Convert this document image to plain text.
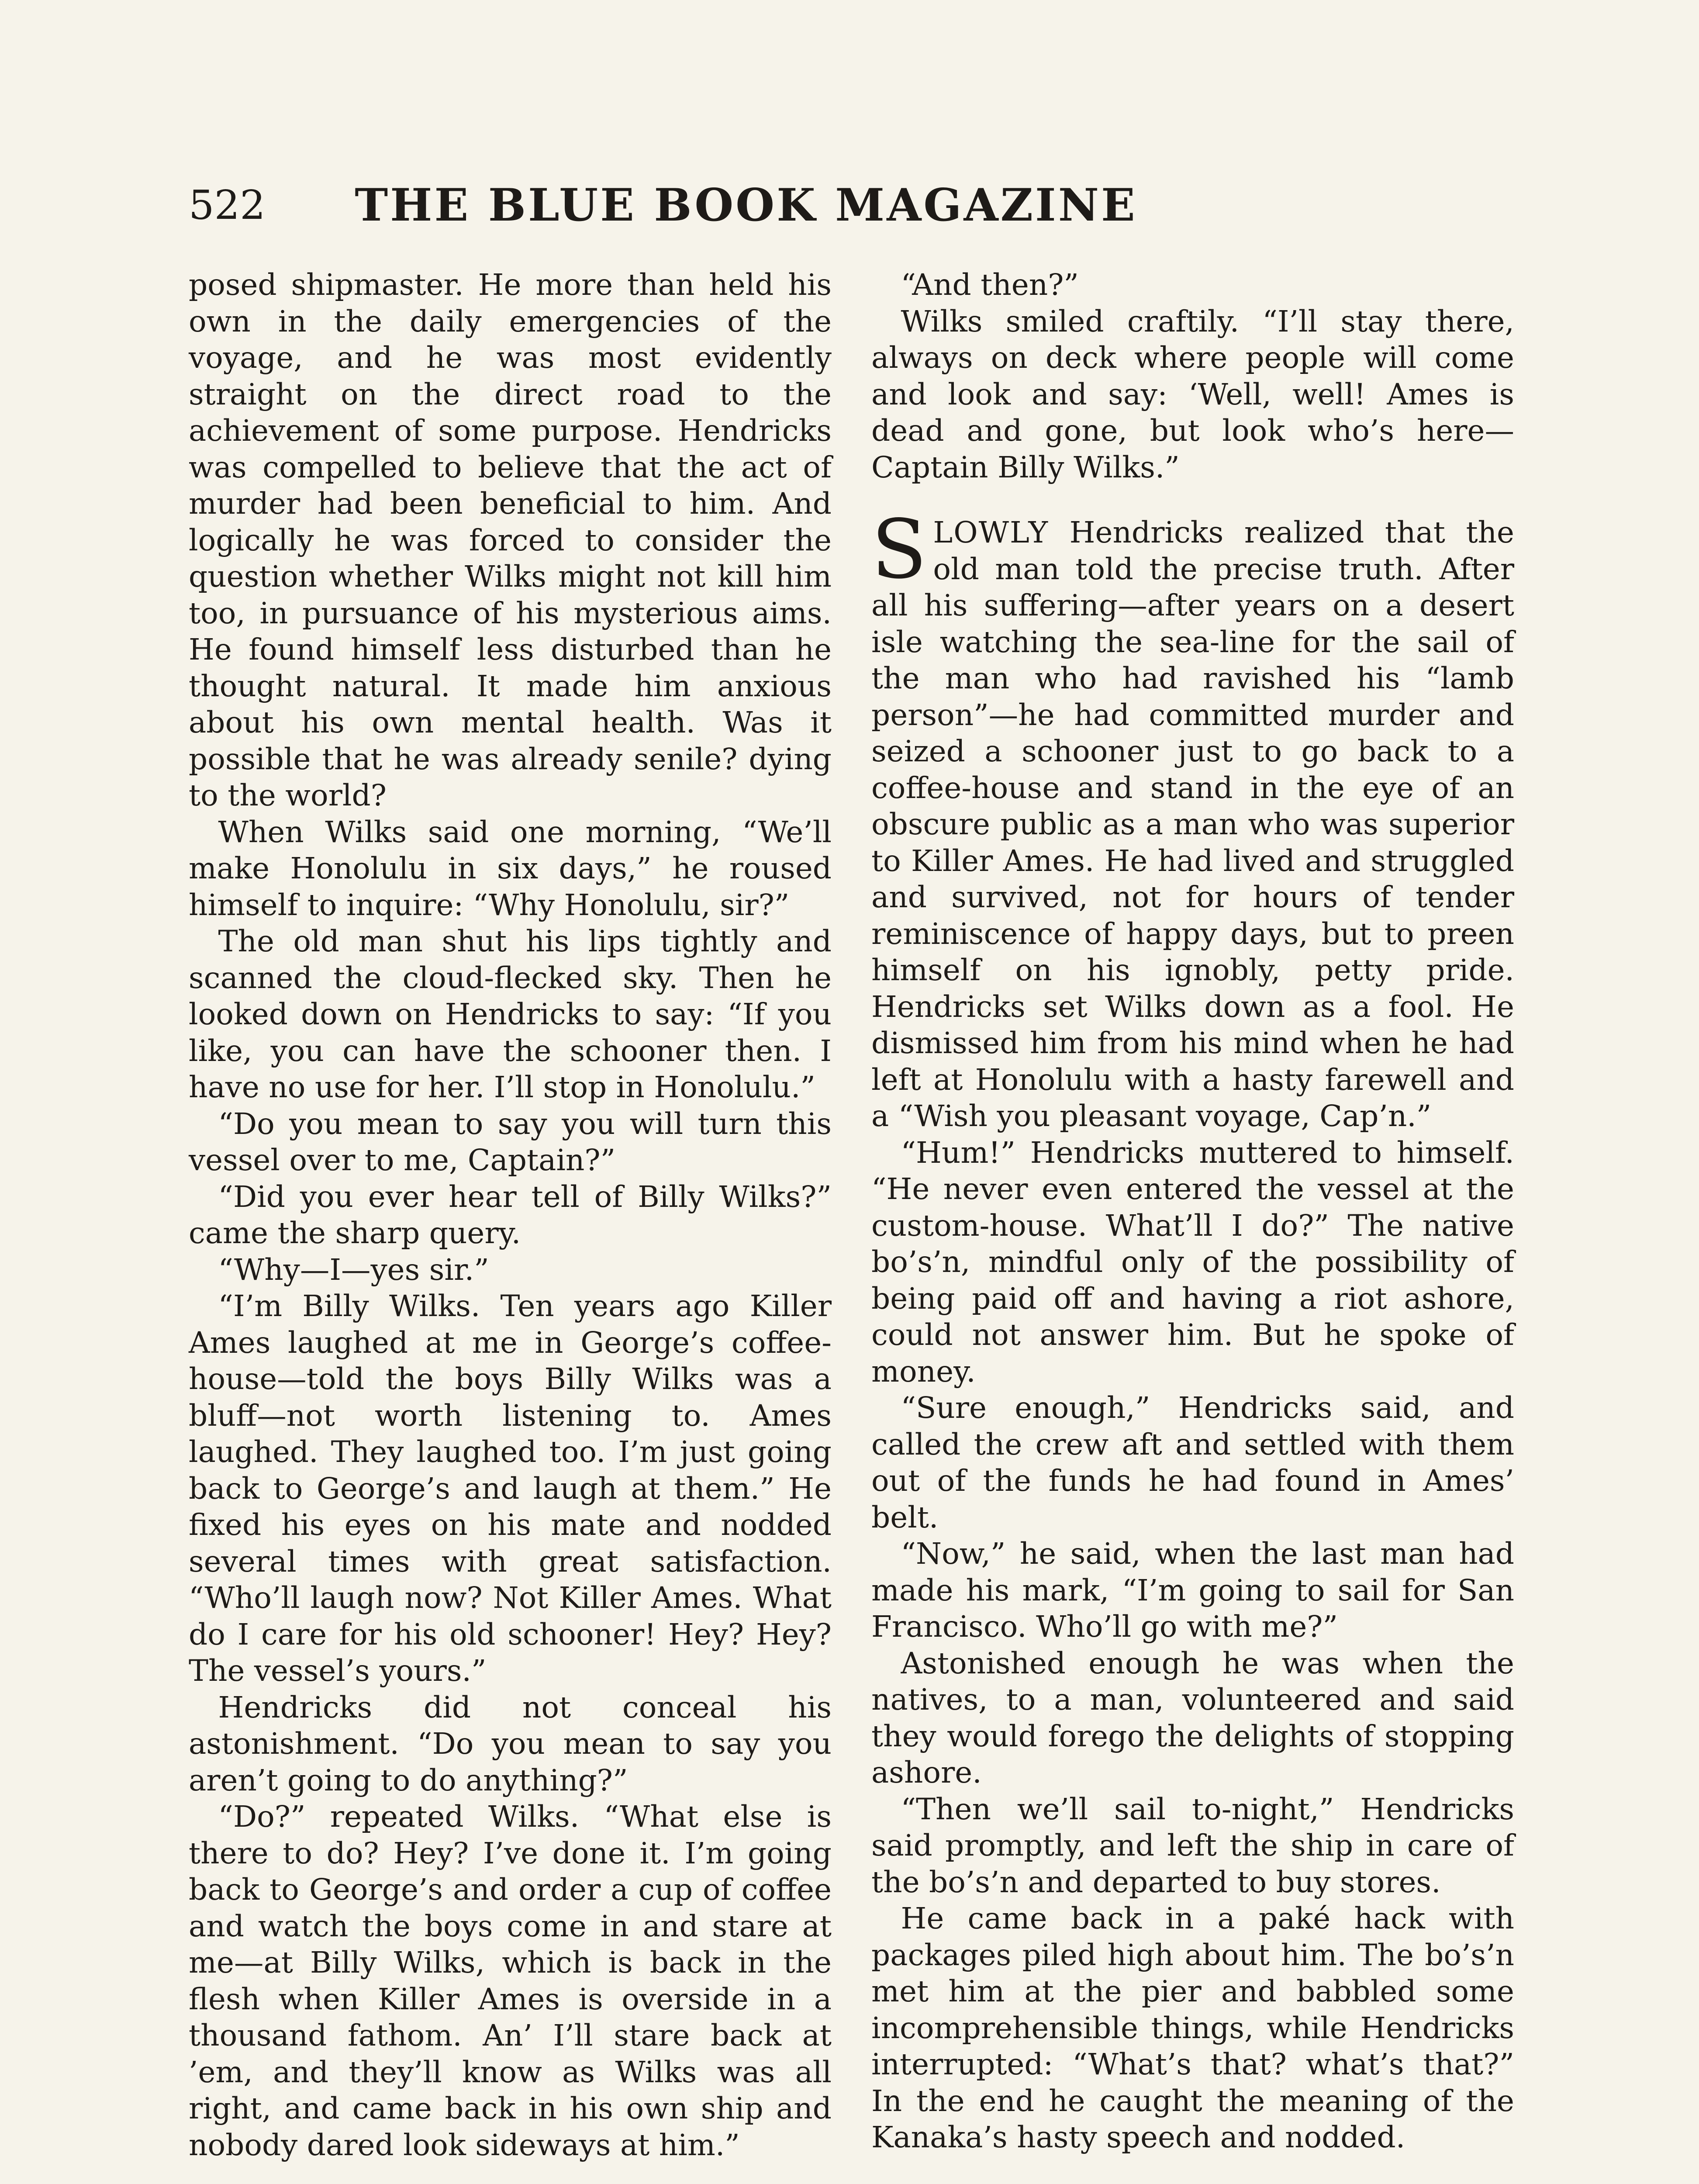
522	THE BLUE BOOK MAGAZINE

posed shipmaster. He more than held his own in the daily emergencies of the voyage, and he was most evidently straight on the direct road to the achievement of some purpose. Hendricks was compelled to believe that the act of murder had been beneficial to him. And logically he was forced to consider the question whether Wilks might not kill him too, in pursuance of his mysterious aims. He found himself less disturbed than he thought natural. It made him anxious about his own mental health. Was it possible that he was already senile? dying to the world?

When Wilks said one morning, “We’ll make Honolulu in six days,” he roused himself to inquire: “Why Honolulu, sir?”

The old man shut his lips tightly and scanned the cloud-flecked sky. Then he looked down on Hendricks to say: “If you like, you can have the schooner then. I have no use for her. I’ll stop in Honolulu.”

“Do you mean to say you will turn this vessel over to me, Captain?”

“Did you ever hear tell of Billy Wilks?” came the sharp query.

“Why—I—yes sir.”

“I’m Billy Wilks. Ten years ago Killer Ames laughed at me in George’s coffee-house—told the boys Billy Wilks was a bluff—not worth listening to. Ames laughed. They laughed too. I’m just going back to George’s and laugh at them.” He fixed his eyes on his mate and nodded several times with great satisfaction. “Who’ll laugh now? Not Killer Ames. What do I care for his old schooner! Hey? Hey? The vessel’s yours.”

Hendricks did not conceal his astonishment. “Do you mean to say you aren’t going to do anything?”

“Do?” repeated Wilks. “What else is there to do? Hey? I’ve done it. I’m going back to George’s and order a cup of coffee and watch the boys come in and stare at me—at Billy Wilks, which is back in the flesh when Killer Ames is overside in a thousand fathom. An’ I’ll stare back at ’em, and they’ll know as Wilks was all right, and came back in his own ship and nobody dared look sideways at him.”

“And then?”

Wilks smiled craftily. “I’ll stay there, always on deck where people will come and look and say: ‘Well, well! Ames is dead and gone, but look who’s here—Captain Billy Wilks.”

SLOWLY Hendricks realized that the old man told the precise truth. After all his suffering—after years on a desert isle watching the sea-line for the sail of the man who had ravished his “lamb person”—he had committed murder and seized a schooner just to go back to a coffee-house and stand in the eye of an obscure public as a man who was superior to Killer Ames. He had lived and struggled and survived, not for hours of tender reminiscence of happy days, but to preen himself on his ignobly, petty pride. Hendricks set Wilks down as a fool. He dismissed him from his mind when he had left at Honolulu with a hasty farewell and a “Wish you pleasant voyage, Cap’n.”

“Hum!” Hendricks muttered to himself. “He never even entered the vessel at the custom-house. What’ll I do?” The native bo’s’n, mindful only of the possibility of being paid off and having a riot ashore, could not answer him. But he spoke of money.

“Sure enough,” Hendricks said, and called the crew aft and settled with them out of the funds he had found in Ames’ belt.

“Now,” he said, when the last man had made his mark, “I’m going to sail for San Francisco. Who’ll go with me?”

Astonished enough he was when the natives, to a man, volunteered and said they would forego the delights of stopping ashore.

“Then we’ll sail to-night,” Hendricks said promptly, and left the ship in care of the bo’s’n and departed to buy stores.

He came back in a paké hack with packages piled high about him. The bo’s’n met him at the pier and babbled some incomprehensible things, while Hendricks interrupted: “What’s that? what’s that?” In the end he caught the meaning of the Kanaka’s hasty speech and nodded.
